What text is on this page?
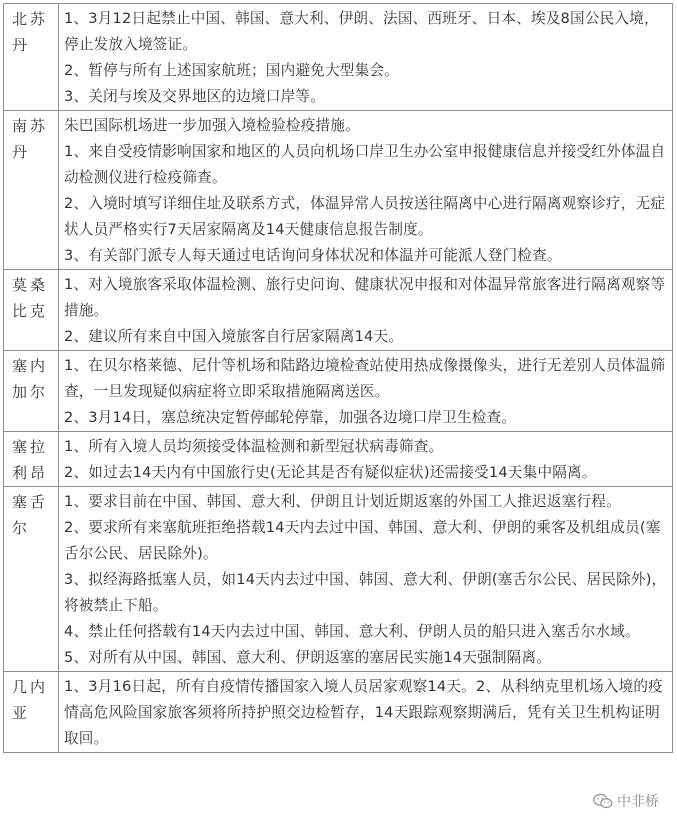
北苏丹	1、3月12日起禁止中国、韩国、意大利、伊朗、法国、西班牙、日本、埃及8国公民入境，停止发放入境签证。
2、暂停与所有上述国家航班；国内避免大型集会。
3、关闭与埃及交界地区的边境口岸等。

南苏丹	朱巴国际机场进一步加强入境检验检疫措施。
1、来自受疫情影响国家和地区的人员向机场口岸卫生办公室申报健康信息并接受红外体温自动检测仪进行检疫筛查。
2、入境时填写详细住址及联系方式，体温异常人员按送往隔离中心进行隔离观察诊疗，无症状人员严格实行7天居家隔离及14天健康信息报告制度。
3、有关部门派专人每天通过电话询问身体状况和体温并可能派人登门检查。

莫桑比克	1、对入境旅客采取体温检测、旅行史问询、健康状况申报和对体温异常旅客进行隔离观察等措施。
2、建议所有来自中国入境旅客自行居家隔离14天。

塞内加尔	1、在贝尔格莱德、尼什等机场和陆路边境检查站使用热成像摄像头，进行无差别人员体温筛查，一旦发现疑似病症将立即采取措施隔离送医。
2、3月14日，塞总统决定暂停邮轮停靠，加强各边境口岸卫生检查。

塞拉利昂	1、所有入境人员均须接受体温检测和新型冠状病毒筛查。
2、如过去14天内有中国旅行史(无论其是否有疑似症状)还需接受14天集中隔离。

塞舌尔	1、要求目前在中国、韩国、意大利、伊朗且计划近期返塞的外国工人推迟返塞行程。
2、要求所有来塞航班拒绝搭载14天内去过中国、韩国、意大利、伊朗的乘客及机组成员(塞舌尔公民、居民除外)。
3、拟经海路抵塞人员，如14天内去过中国、韩国、意大利、伊朗(塞舌尔公民、居民除外)，将被禁止下船。
4、禁止任何搭载有14天内去过中国、韩国、意大利、伊朗人员的船只进入塞舌尔水域。
5、对所有从中国、韩国、意大利、伊朗返塞的塞居民实施14天强制隔离。

几内亚	1、3月16日起，所有自疫情传播国家入境人员居家观察14天。2、从科纳克里机场入境的疫情高危风险国家旅客须将所持护照交边检暂存，14天跟踪观察期满后，凭有关卫生机构证明取回。
中非桥
